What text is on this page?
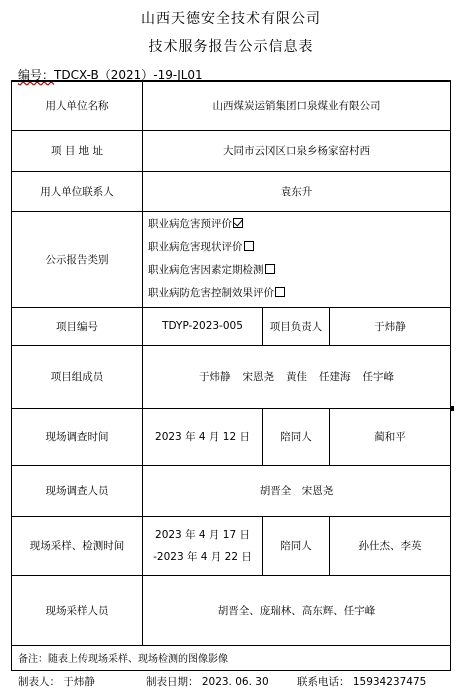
山西天德安全技术有限公司
技术服务报告公示信息表
编号：TDCX-B（2021）-19-JL01
用人单位名称	山西煤炭运销集团口泉煤业有限公司		
项 目 地 址	大同市云冈区口泉乡杨家窑村西		
用人单位联系人	袁东升		
公示报告类别	职业病危害预评价
职业病危害现状评价
职业病危害因素定期检测
职业病防危害控制效果评价		

项目编号	TDYP-2023-005	项目负责人	于炜静
项目组成员	于炜静 宋恩尧 黄佳 任建海 任宇峰		
现场调查时间	2023 年 4 月 12 日	陪同人	蔺和平
现场调查人员	胡晋全　宋恩尧		
现场采样、检测时间	2023 年 4 月 17 日
-2023 年 4 月 22 日	陪同人	孙仕杰、李英
现场采样人员	胡晋全、庞瑞林、高东辉、任宇峰		
备注：随表上传现场采样、现场检测的图像影像			
制表人： 于炜静	制表日期： 2023. 06. 30	联系电话： 15934237475
